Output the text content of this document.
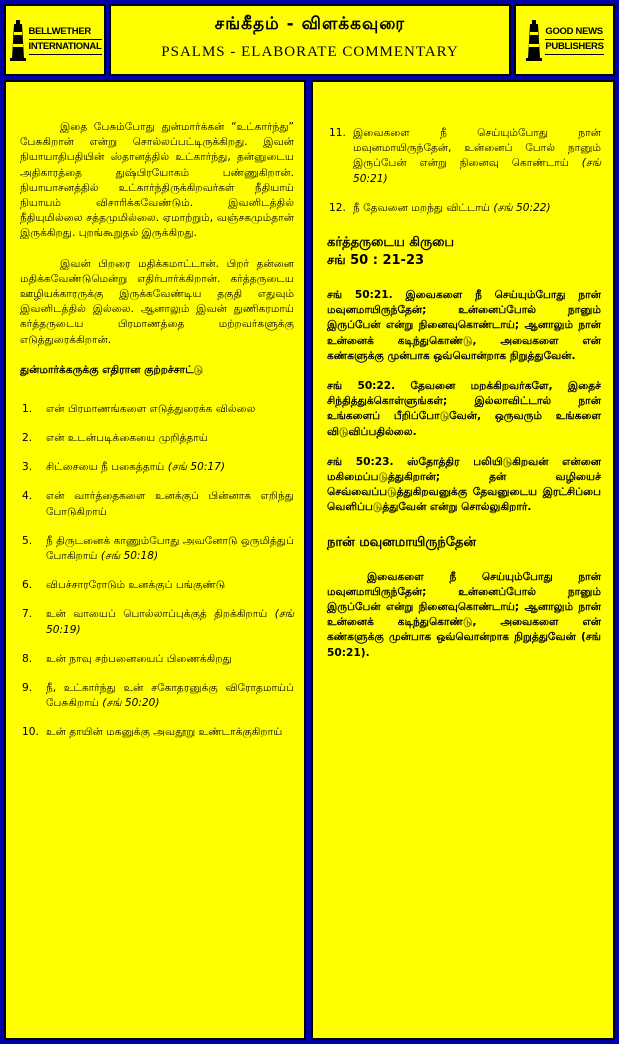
BELLWETHER
INTERNATIONAL
சங்கீதம் - விளக்கவுரை
PSALMS - ELABORATE COMMENTARY
GOOD NEWS
PUBLISHERS

இதை பேசும்போது துன்மார்க்கன் “உட்கார்ந்து” பேசுகிறான் என்று சொல்லப்பட்டிருக்கிறது. இவன் நியாயாதிபதியின் ஸ்தானத்தில் உட்கார்ந்து, தன்னுடைய அதிகாரத்தை துஷ்பிரயோகம் பண்ணுகிறான். நியாயாசனத்தில் உட்கார்ந்திருக்கிறவர்கள் நீதியாய் நியாயம் விசாரிக்கவேண்டும். இவனிடத்தில் நீதியுமில்லை சத்தமுமில்லை. ஏமாற்றும், வஞ்சகமும்தான் இருக்கிறது. புறங்கூறுதல் இருக்கிறது.

இவன் பிறரை மதிக்கமாட்டான். பிறர் தன்னை மதிக்கவேண்டுமென்று எதிர்பார்க்கிறான். கர்த்தருடைய ஊழியக்காரருக்கு இருக்கவேண்டிய தகுதி எதுவும் இவனிடத்தில் இல்லை. ஆனாலும் இவன் துணிகரமாய் கர்த்தருடைய பிரமாணத்தை மற்றவர்களுக்கு எடுத்துரைக்கிறான்.

துன்மார்க்கருக்கு எதிரான குற்றச்சாட்டு
1. என் பிரமாணங்களை எடுத்துரைக்க வில்லை
2. என் உடன்படிக்கையை முறித்தாய்
3. சிட்சையை நீ பகைத்தாய் (சங் 50:17)
4. என் வார்த்தைகளை உனக்குப் பின்னாக எறிந்து போடுகிறாய்
5. நீ திருடனைக் காணும்போது அவனோடு ஒருமித்துப் போகிறாய் (சங் 50:18)
6. விபச்சாரரோடும் உனக்குப் பங்குண்டு
7. உன் வாயைப் பொல்லாப்புக்குத் திறக்கிறாய் (சங் 50:19)
8. உன் நாவு சற்பனையைப் பிணைக்கிறது
9. நீ, உட்கார்ந்து உன் சகோதரனுக்கு விரோதமாய்ப் பேசுகிறாய் (சங் 50:20)
10. உன் தாயின் மகனுக்கு அவதூறு உண்டாக்குகிறாய்
11. இவைகளை நீ செய்யும்போது நான் மவுனமாயிருந்தேன், உன்னைப் போல் நானும் இருப்பேன் என்று நினைவு கொண்டாய் (சங் 50:21)
12. நீ தேவனை மறந்து விட்டாய் (சங் 50:22)
கர்த்தருடைய கிருபை
சங் 50 : 21-23

சங் 50:21. இவைகளை நீ செய்யும்போது நான் மவுனமாயிருந்தேன்; உன்னைப்போல் நானும் இருப்பேன் என்று நினைவுகொண்டாய்; ஆனாலும் நான் உன்னைக் கடிந்துகொண்டு, அவைகளை என் கண்களுக்கு முன்பாக ஒவ்வொன்றாக நிறுத்துவேன்.

சங் 50:22. தேவனை மறக்கிறவர்களே, இதைச் சிந்தித்துக்கொள்ளுங்கள்; இல்லாவிட்டால் நான் உங்களைப் பீறிப்போடுவேன், ஒருவரும் உங்களை விடுவிப்பதில்லை.

சங் 50:23. ஸ்தோத்திர பலியிடுகிறவன் என்னை மகிமைப்படுத்துகிறான்; தன் வழியைச் செவ்வைப்படுத்துகிறவனுக்கு தேவனுடைய இரட்சிப்பை வெளிப்படுத்துவேன் என்று சொல்லுகிறார்.

நான் மவுனமாயிருந்தேன்

இவைகளை நீ செய்யும்போது நான் மவுனமாயிருந்தேன்; உன்னைப்போல் நானும் இருப்பேன் என்று நினைவுகொண்டாய்; ஆனாலும் நான் உன்னைக் கடிந்துகொண்டு, அவைகளை என் கண்களுக்கு முன்பாக ஒவ்வொன்றாக நிறுத்துவேன் (சங் 50:21).
